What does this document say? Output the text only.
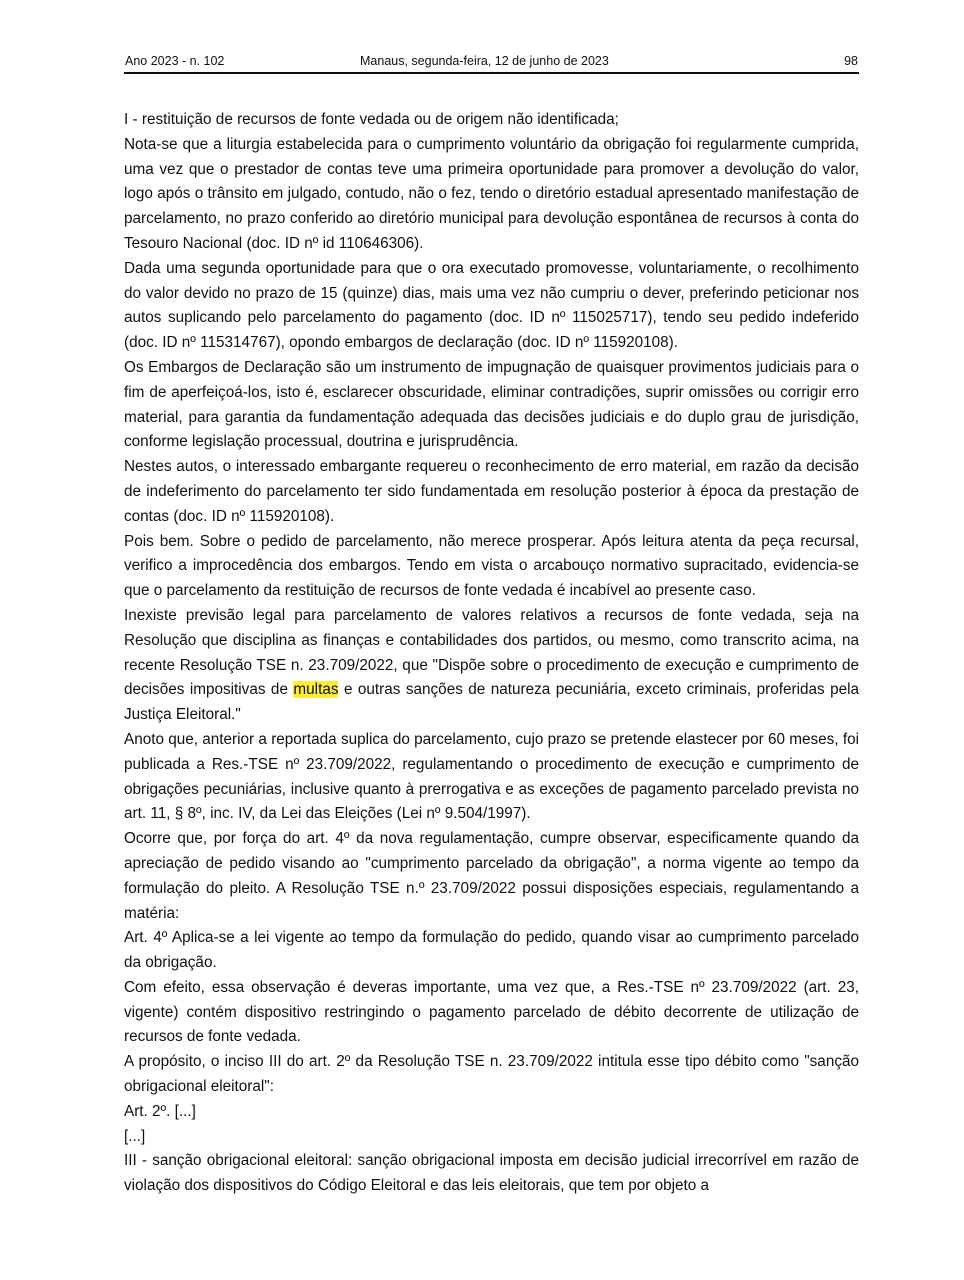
Ano 2023 - n. 102	Manaus, segunda-feira, 12 de junho de 2023	98

I - restituição de recursos de fonte vedada ou de origem não identificada;

Nota-se que a liturgia estabelecida para o cumprimento voluntário da obrigação foi regularmente cumprida, uma vez que o prestador de contas teve uma primeira oportunidade para promover a devolução do valor, logo após o trânsito em julgado, contudo, não o fez, tendo o diretório estadual apresentado manifestação de parcelamento, no prazo conferido ao diretório municipal para devolução espontânea de recursos à conta do Tesouro Nacional (doc. ID nº id 110646306).

Dada uma segunda oportunidade para que o ora executado promovesse, voluntariamente, o recolhimento do valor devido no prazo de 15 (quinze) dias, mais uma vez não cumpriu o dever, preferindo peticionar nos autos suplicando pelo parcelamento do pagamento (doc. ID nº 115025717), tendo seu pedido indeferido (doc. ID nº 115314767), opondo embargos de declaração (doc. ID nº 115920108).

Os Embargos de Declaração são um instrumento de impugnação de quaisquer provimentos judiciais para o fim de aperfeiçoá-los, isto é, esclarecer obscuridade, eliminar contradições, suprir omissões ou corrigir erro material, para garantia da fundamentação adequada das decisões judiciais e do duplo grau de jurisdição, conforme legislação processual, doutrina e jurisprudência.

Nestes autos, o interessado embargante requereu o reconhecimento de erro material, em razão da decisão de indeferimento do parcelamento ter sido fundamentada em resolução posterior à época da prestação de contas (doc. ID nº 115920108).

Pois bem. Sobre o pedido de parcelamento, não merece prosperar. Após leitura atenta da peça recursal, verifico a improcedência dos embargos. Tendo em vista o arcabouço normativo supracitado, evidencia-se que o parcelamento da restituição de recursos de fonte vedada é incabível ao presente caso.

Inexiste previsão legal para parcelamento de valores relativos a recursos de fonte vedada, seja na Resolução que disciplina as finanças e contabilidades dos partidos, ou mesmo, como transcrito acima, na recente Resolução TSE n. 23.709/2022, que "Dispõe sobre o procedimento de execução e cumprimento de decisões impositivas de multas e outras sanções de natureza pecuniária, exceto criminais, proferidas pela Justiça Eleitoral."

Anoto que, anterior a reportada suplica do parcelamento, cujo prazo se pretende elastecer por 60 meses, foi publicada a Res.-TSE nº 23.709/2022, regulamentando o procedimento de execução e cumprimento de obrigações pecuniárias, inclusive quanto à prerrogativa e as exceções de pagamento parcelado prevista no art. 11, § 8º, inc. IV, da Lei das Eleições (Lei nº 9.504/1997).

Ocorre que, por força do art. 4º da nova regulamentação, cumpre observar, especificamente quando da apreciação de pedido visando ao "cumprimento parcelado da obrigação", a norma vigente ao tempo da formulação do pleito. A Resolução TSE n.º 23.709/2022 possui disposições especiais, regulamentando a matéria:

Art. 4º Aplica-se a lei vigente ao tempo da formulação do pedido, quando visar ao cumprimento parcelado da obrigação.

Com efeito, essa observação é deveras importante, uma vez que, a Res.-TSE nº 23.709/2022 (art. 23, vigente) contém dispositivo restringindo o pagamento parcelado de débito decorrente de utilização de recursos de fonte vedada.

A propósito, o inciso III do art. 2º da Resolução TSE n. 23.709/2022 intitula esse tipo débito como "sanção obrigacional eleitoral":

Art. 2º. [...]

[...]

III - sanção obrigacional eleitoral: sanção obrigacional imposta em decisão judicial irrecorrível em razão de violação dos dispositivos do Código Eleitoral e das leis eleitorais, que tem por objeto a
